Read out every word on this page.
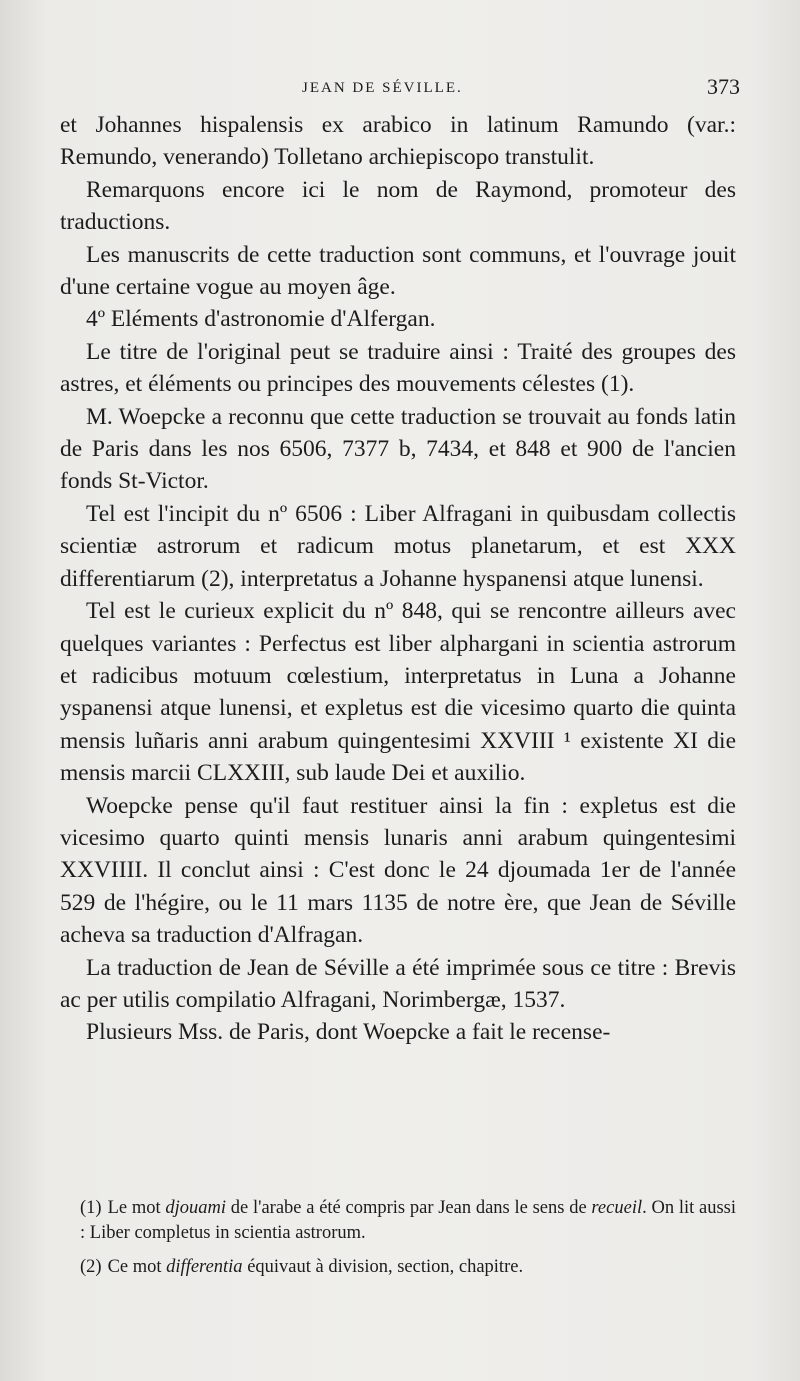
JEAN DE SÉVILLE.	373

et Johannes hispalensis ex arabico in latinum Ramundo (var.: Remundo, venerando) Tolletano archiepiscopo transtulit.

Remarquons encore ici le nom de Raymond, promoteur des traductions.

Les manuscrits de cette traduction sont communs, et l'ouvrage jouit d'une certaine vogue au moyen âge.

4º Eléments d'astronomie d'Alfergan.

Le titre de l'original peut se traduire ainsi : Traité des groupes des astres, et éléments ou principes des mouvements célestes (1).

M. Woepcke a reconnu que cette traduction se trouvait au fonds latin de Paris dans les nos 6506, 7377 b, 7434, et 848 et 900 de l'ancien fonds St-Victor.

Tel est l'incipit du nº 6506 : Liber Alfragani in quibusdam collectis scientiæ astrorum et radicum motus planetarum, et est XXX differentiarum (2), interpretatus a Johanne hyspanensi atque lunensi.

Tel est le curieux explicit du nº 848, qui se rencontre ailleurs avec quelques variantes : Perfectus est liber alphargani in scientia astrorum et radicibus motuum cœlestium, interpretatus in Luna a Johanne yspanensi atque lunensi, et expletus est die vicesimo quarto die quinta mensis luñaris anni arabum quingentesimi XXVIII ¹ existente XI die mensis marcii CLXXIII, sub laude Dei et auxilio.

Woepcke pense qu'il faut restituer ainsi la fin : expletus est die vicesimo quarto quinti mensis lunaris anni arabum quingentesimi XXVIIII. Il conclut ainsi : C'est donc le 24 djoumada 1er de l'année 529 de l'hégire, ou le 11 mars 1135 de notre ère, que Jean de Séville acheva sa traduction d'Alfragan.

La traduction de Jean de Séville a été imprimée sous ce titre : Brevis ac per utilis compilatio Alfragani, Norimbergæ, 1537.

Plusieurs Mss. de Paris, dont Woepcke a fait le recense-

(1) Le mot djouami de l'arabe a été compris par Jean dans le sens de recueil. On lit aussi : Liber completus in scientia astrorum.

(2) Ce mot differentia équivaut à division, section, chapitre.
